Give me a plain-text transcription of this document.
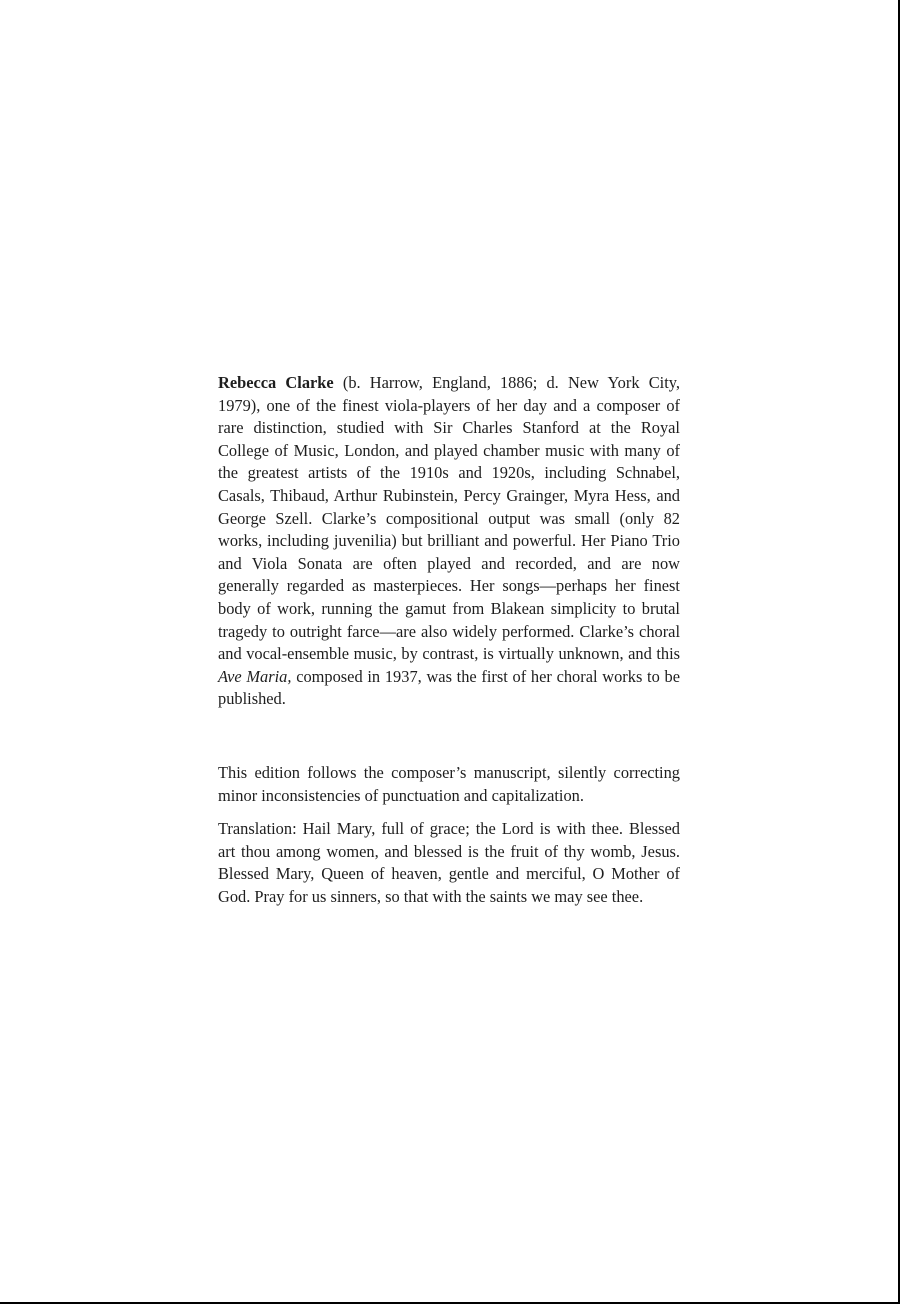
Rebecca Clarke (b. Harrow, England, 1886; d. New York City, 1979), one of the finest viola-players of her day and a composer of rare distinction, studied with Sir Charles Stanford at the Royal College of Music, London, and played chamber music with many of the greatest artists of the 1910s and 1920s, including Schnabel, Casals, Thibaud, Arthur Rubinstein, Percy Grainger, Myra Hess, and George Szell. Clarke’s compositional output was small (only 82 works, including juvenilia) but brilliant and powerful. Her Piano Trio and Viola Sonata are often played and recorded, and are now generally regarded as masterpieces. Her songs—perhaps her finest body of work, running the gamut from Blakean simplicity to brutal tragedy to outright farce—are also widely performed. Clarke’s choral and vocal-ensemble music, by contrast, is virtually unknown, and this Ave Maria, composed in 1937, was the first of her choral works to be published.

This edition follows the composer’s manuscript, silently correcting minor inconsistencies of punctuation and capitalization.

Translation: Hail Mary, full of grace; the Lord is with thee. Blessed art thou among women, and blessed is the fruit of thy womb, Jesus. Blessed Mary, Queen of heaven, gentle and merciful, O Mother of God. Pray for us sinners, so that with the saints we may see thee.
